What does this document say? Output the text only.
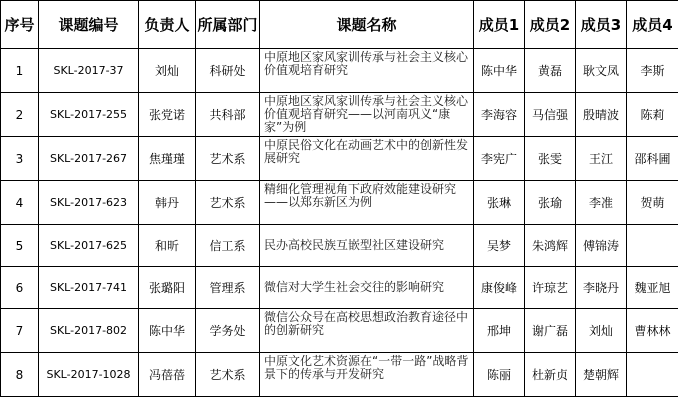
序号	课题编号	负责人	所属部门	课题名称	成员1	成员2	成员3	成员4
1	SKL-2017-37	刘灿	科研处	中原地区家风家训传承与社会主义核心价值观培育研究	陈中华	黄磊	耿文凤	李斯
2	SKL-2017-255	张党诺	共科部	中原地区家风家训传承与社会主义核心价值观培育研究——以河南巩义“康家”为例	李海容	马信强	殷晴波	陈莉
3	SKL-2017-267	焦瑾瑾	艺术系	中原民俗文化在动画艺术中的创新性发展研究	李宪广	张雯	王江	邵科圃
4	SKL-2017-623	韩丹	艺术系	精细化管理视角下政府效能建设研究——以郑东新区为例	张琳	张瑜	李准	贺萌
5	SKL-2017-625	和昕	信工系	民办高校民族互嵌型社区建设研究	吴梦	朱鸿辉	傅锦涛	
6	SKL-2017-741	张璐阳	管理系	微信对大学生社会交往的影响研究	康俊峰	许琼艺	李晓丹	魏亚旭
7	SKL-2017-802	陈中华	学务处	微信公众号在高校思想政治教育途径中的创新研究	邢坤	谢广磊	刘灿	曹林林
8	SKL-2017-1028	冯蓓蓓	艺术系	中原文化艺术资源在“一带一路”战略背景下的传承与开发研究	陈丽	杜新贞	楚朝辉	
